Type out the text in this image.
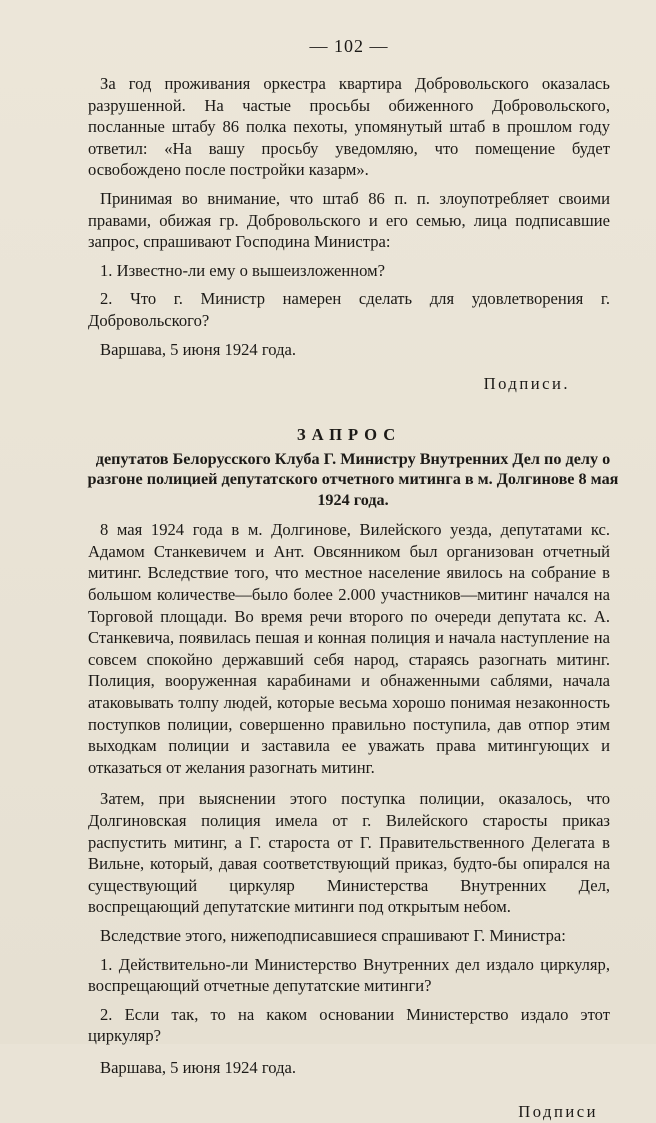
— 102 —

За год проживания оркестра квартира Добровольского оказалась разрушенной. На частые просьбы обиженного Добровольского, посланные штабу 86 полка пехоты, упомянутый штаб в прошлом году ответил: «На вашу просьбу уведомляю, что помещение будет освобождено после постройки казарм».

Принимая во внимание, что штаб 86 п. п. злоупотребляет своими правами, обижая гр. Добровольского и его семью, лица подписавшие запрос, спрашивают Господина Министра:

1. Известно-ли ему о вышеизложенном?

2. Что г. Министр намерен сделать для удовлетворения г. Добровольского?

Варшава, 5 июня 1924 года.

Подписи.

ЗАПРОС
депутатов Белорусского Клуба Г. Министру Внутренних Дел по делу о разгоне полицией депутатского отчетного митинга в м. Долгинове 8 мая 1924 года.

8 мая 1924 года в м. Долгинове, Вилейского уезда, депутатами кс. Адамом Станкевичем и Ант. Овсянником был организован отчетный митинг. Вследствие того, что местное население явилось на собрание в большом количестве—было более 2.000 участников—митинг начался на Торговой площади. Во время речи второго по очереди депутата кс. А. Станкевича, появилась пешая и конная полиция и начала наступление на совсем спокойно державший себя народ, стараясь разогнать митинг. Полиция, вооруженная карабинами и обнаженными саблями, начала атаковывать толпу людей, которые весьма хорошо понимая незаконность поступков полиции, совершенно правильно поступила, дав отпор этим выходкам полиции и заставила ее уважать права митингующих и отказаться от желания разогнать митинг.

Затем, при выяснении этого поступка полиции, оказалось, что Долгиновская полиция имела от г. Вилейского старосты приказ распустить митинг, а Г. староста от Г. Правительственного Делегата в Вильне, который, давая соответствующий приказ, будто-бы опирался на существующий циркуляр Министерства Внутренних Дел, воспрещающий депутатские митинги под открытым небом.

Вследствие этого, нижеподписавшиеся спрашивают Г. Министра:

1. Действительно-ли Министерство Внутренних дел издало циркуляр, воспрещающий отчетные депутатские митинги?

2. Если так, то на каком основании Министерство издало этот циркуляр?

Варшава, 5 июня 1924 года.

Подписи
